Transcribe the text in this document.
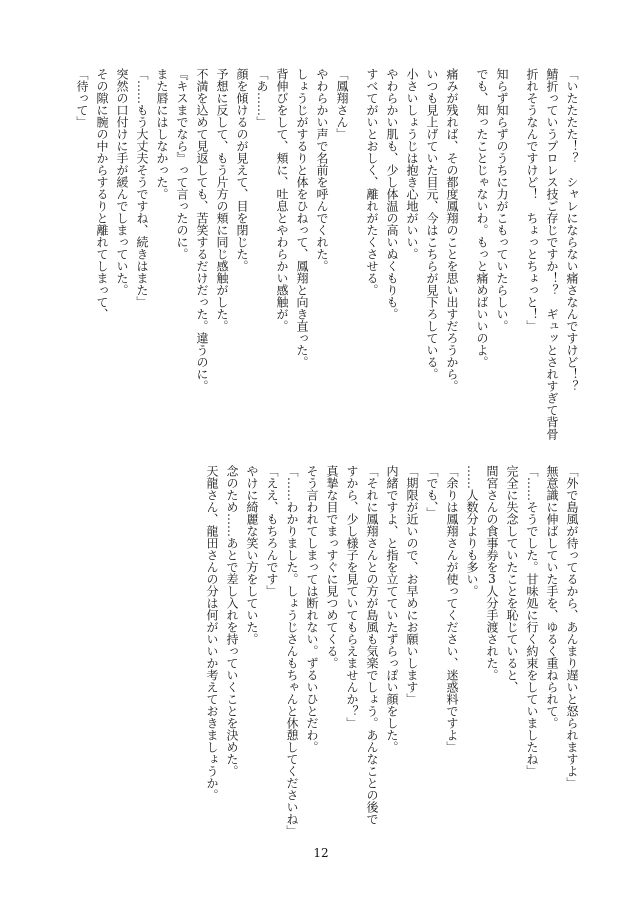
「いたたたた！？　シャレにならない痛さなんですけど！？
鯖折っていうプロレス技ご存じですか！？　ギュッとされすぎて背骨
折れそうなんですけど！　ちょっとちょっと！」
知らず知らずのうちに力がこもっていたらしい。
でも、知ったことじゃないわ。もっと痛めばいいのよ。
痛みが残れば、その都度鳳翔のことを思い出すだろうから。
いつも見上げていた目元、今はこちらが見下ろしている。
小さいしょうじは抱き心地がいい。
やわらかい肌も、少し体温の高いぬくもりも。
すべてがいとおしく、離れがたくさせる。
「鳳翔さん」
やわらかい声で名前を呼んでくれた。
しょうじがするりと体をひねって、鳳翔と向き直った。
背伸びをして、頬に、吐息とやわらかい感触が。
「あ……」
顔を傾けるのが見えて、目を閉じた。
予想に反して、もう片方の頬に同じ感触がした。
不満を込めて見返しても、苦笑するだけだった。違うのに。
『キスまでなら』って言ったのに。
また唇にはしなかった。
「……もう大丈夫そうですね、続きはまた」
突然の口付けに手が緩んでしまっていた。
その隙に腕の中からするりと離れてしまって、
「待って」
「外で島風が待ってるから、あんまり遅いと怒られますよ」
無意識に伸ばしていた手を、ゆるく重ねられて。
「……そうでした。甘味処に行く約束をしていましたね」
完全に失念していたことを恥じていると、
間宮さんの食事券を3人分手渡された。
……人数分よりも多い。
「余りは鳳翔さんが使ってください、迷惑料ですよ」
「でも、」
「期限が近いので、お早めにお願いします」
内緒ですよ、と指を立てていたずらっぽい顔をした。
「それに鳳翔さんとの方が島風も気楽でしょう。あんなことの後で
すから、少し様子を見ていてもらえませんか？」
真摯な目でまっすぐに見つめてくる。
そう言われてしまっては断れない。ずるいひとだわ。
「……わかりました。しょうじさんもちゃんと休憩してくださいね」
「ええ、もちろんです」
やけに綺麗な笑い方をしていた。
念のため……あとで差し入れを持っていくことを決めた。
天龍さん、龍田さんの分は何がいいか考えておきましょうか。
12
